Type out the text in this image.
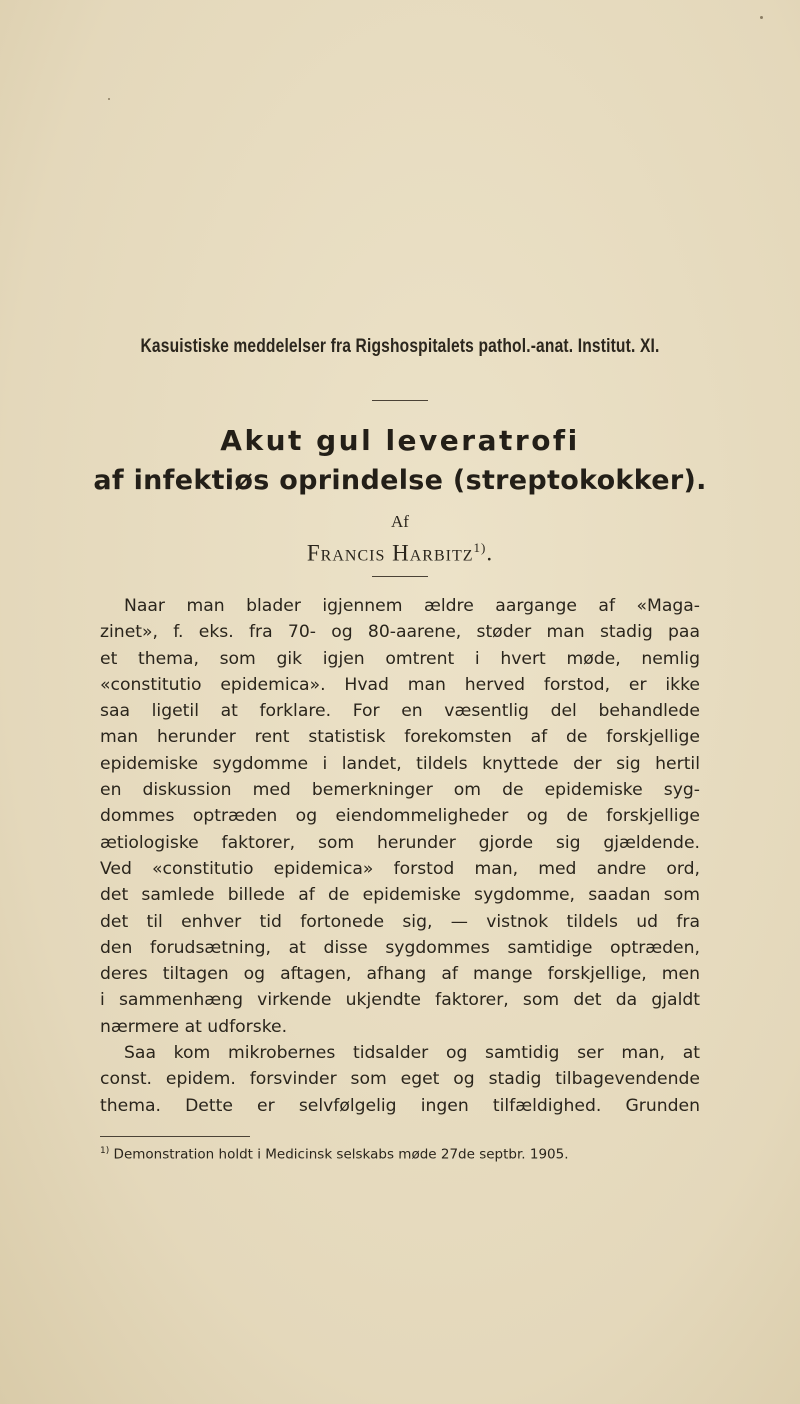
Kasuistiske meddelelser fra Rigshospitalets pathol.-anat. Institut. XI.
Akut gul leveratrofi
af infektiøs oprindelse (streptokokker).
Af
Francis Harbitz$^{1)}$.
Naar man blader igjennem ældre aargange af «Maga-
zinet», f. eks. fra 70- og 80-aarene, støder man stadig paa
et thema, som gik igjen omtrent i hvert møde, nemlig
«constitutio epidemica». Hvad man herved forstod, er ikke
saa ligetil at forklare. For en væsentlig del behandlede
man herunder rent statistisk forekomsten af de forskjellige
epidemiske sygdomme i landet, tildels knyttede der sig hertil
en diskussion med bemerkninger om de epidemiske syg-
dommes optræden og eiendommeligheder og de forskjellige
ætiologiske faktorer, som herunder gjorde sig gjældende.
Ved «constitutio epidemica» forstod man, med andre ord,
det samlede billede af de epidemiske sygdomme, saadan som
det til enhver tid fortonede sig, — vistnok tildels ud fra
den forudsætning, at disse sygdommes samtidige optræden,
deres tiltagen og aftagen, afhang af mange forskjellige, men
i sammenhæng virkende ukjendte faktorer, som det da gjaldt
nærmere at udforske.
Saa kom mikrobernes tidsalder og samtidig ser man, at
const. epidem. forsvinder som eget og stadig tilbagevendende
thema. Dette er selvfølgelig ingen tilfældighed. Grunden
$^{1)}$ Demonstration holdt i Medicinsk selskabs møde 27de septbr. 1905.
